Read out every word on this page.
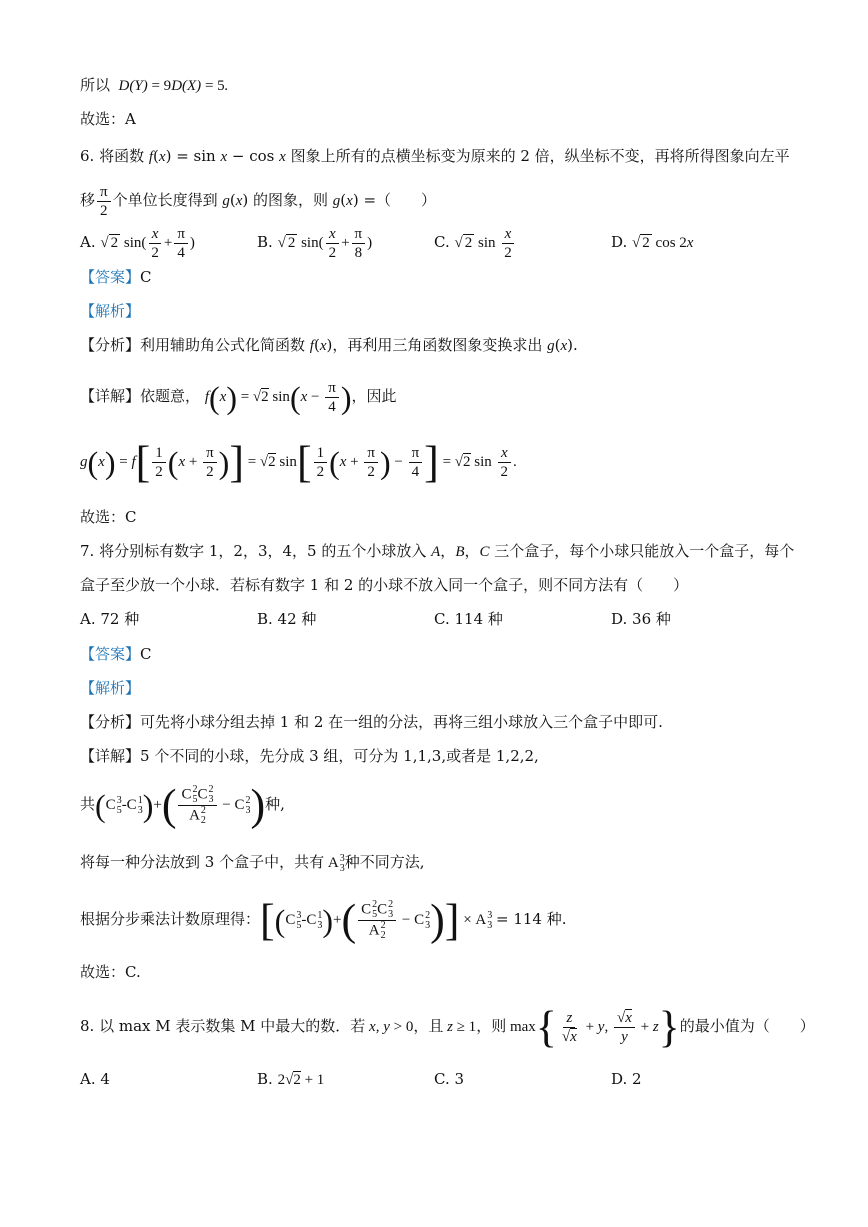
所以  D(Y) = 9D(X) = 5.
故选：A
6. 将函数 f(x) = sin x − cos x 图象上所有的点横坐标变为原来的 2 倍，纵坐标不变，再将所得图象向左平
移 $\frac{\pi}{2}$ 个单位长度得到 g(x) 的图象，则 g(x) =（　　）
A. √ 2 $\sin( \frac{x}{2} + \frac{\pi}{4}$ )	B. √ 2 $\sin( \frac{x}{2} + \frac{\pi}{8}$ )	C. √ 2 $\sin \frac{x}{2}$	D. √ 2 cos 2x
【答案】C
【解析】
【分析】利用辅助角公式化简函数 f(x)，再利用三角函数图象变换求出 g(x).
【详解】依题意， f(x) = √2 $\sin(x - \frac{\pi}{4}$ )，因此
$g(x) = f[ \frac{1}{2} (x + \frac{\pi}{2}$ )] = √2 $\sin[ \frac{1}{2} (x + \frac{\pi}{2}$ ) − $\frac{\pi}{4}$ ] = √2 $\sin \frac{x}{2}$ .
故选：C
7. 将分别标有数字 1，2，3，4，5 的五个小球放入 A，B，C 三个盒子，每个小球只能放入一个盒子，每个
盒子至少放一个小球．若标有数字 1 和 2 的小球不放入同一个盒子，则不同方法有（　　）
A. 72 种	B. 42 种	C. 114 种	D. 36 种
【答案】C
【解析】
【分析】可先将小球分组去掉 1 和 2 在一组的分法，再将三组小球放入三个盒子中即可.
【详解】5 个不同的小球，先分成 3 组，可分为 1,1,3,或者是 1,2,2,
共(C 3
5 -C 1
3 )+( C 2
5 C 2
3
A 2
2 − C 2
3 )种,
将每一种分法放到 3 个盒子中，共有 A 3
3 种不同方法,
根据分步乘法计数原理得：[(C 3
5 -C 1
3 )+( C 2
5 C 2
3
A 2
2 − C 2
3 )] × A 3
3 = 114 种.
故选：C.
8. 以 max M 表示数集 M 中最大的数．若 x, y > 0，且 z ≥ 1，则 $\max\{ \frac{z}{√x} + y$, $\frac{√x}{y} + z$}的最小值为（　　）
A. 4	B. 2√2 + 1	C. 3	D. 2
